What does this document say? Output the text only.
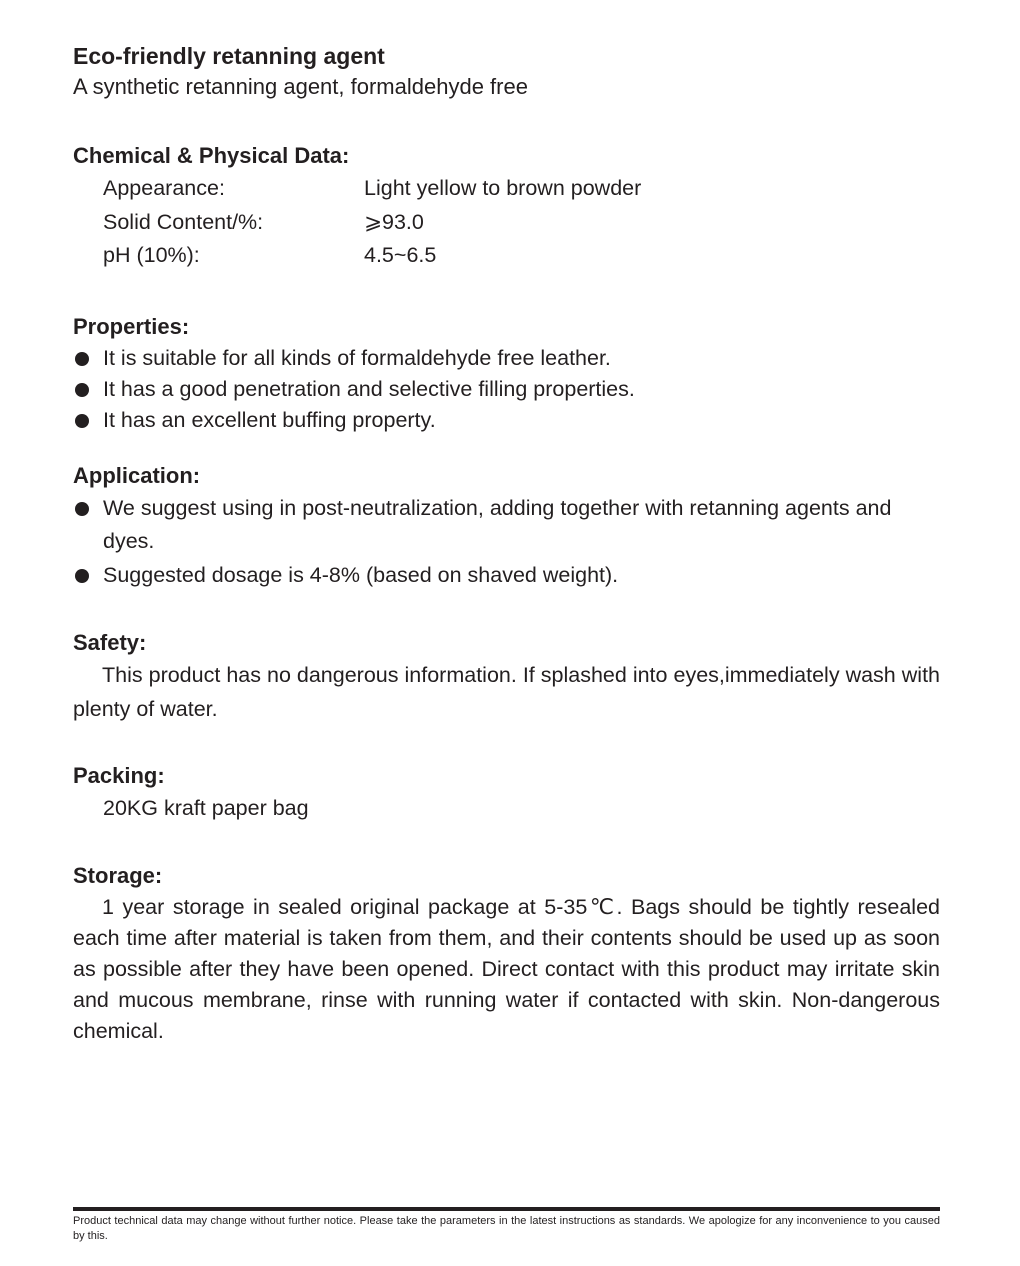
Eco-friendly retanning agent

A synthetic retanning agent, formaldehyde free

Chemical & Physical Data:

Appearance:	Light yellow to brown powder
Solid Content/%:	⩾93.0
pH (10%):	4.5~6.5

Properties:

It is suitable for all kinds of formaldehyde free leather.
It has a good penetration and selective filling properties.
It has an excellent buffing property.

Application:

We suggest using in post-neutralization, adding together with retanning agents and dyes.
Suggested dosage is 4-8% (based on shaved weight).

Safety:

This product has no dangerous information. If splashed into eyes,immediately wash with plenty of water.

Packing:

20KG kraft paper bag

Storage:

1 year storage in sealed original package at 5-35℃. Bags should be tightly resealed each time after material is taken from them, and their contents should be used up as soon as possible after they have been opened. Direct contact with this product may irritate skin and mucous membrane, rinse with running water if contacted with skin. Non-dangerous chemical.
Product technical data may change without further notice. Please take the parameters in the latest instructions as standards. We apologize for any inconvenience to you caused by this.
